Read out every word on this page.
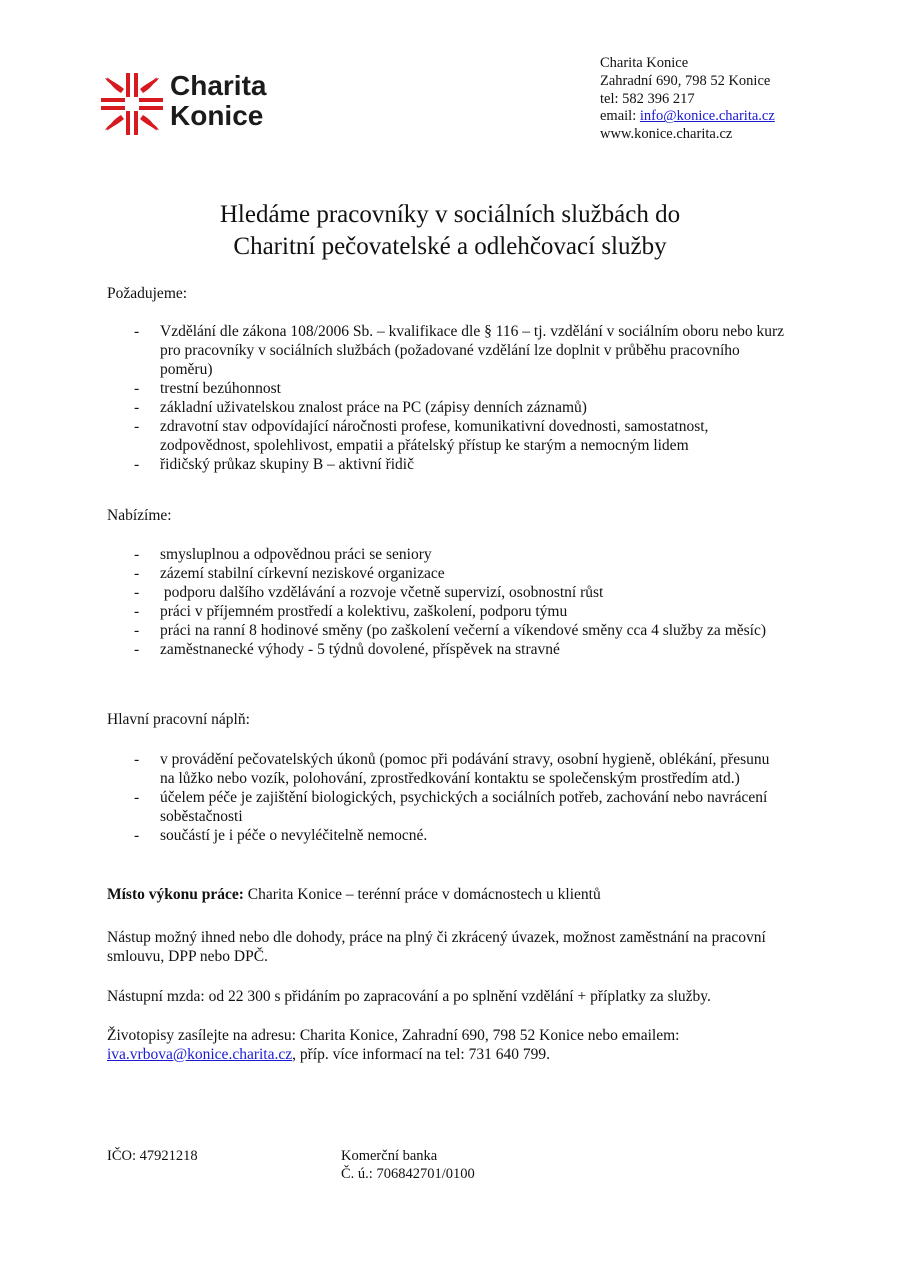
Charita
Konice
Charita Konice
Zahradní 690, 798 52 Konice
tel: 582 396 217
email: info@konice.charita.cz
www.konice.charita.cz
Hledáme pracovníky v sociálních službách do
Charitní pečovatelské a odlehčovací služby
Požadujeme:
- Vzdělání dle zákona 108/2006 Sb. – kvalifikace dle § 116 – tj. vzdělání v sociálním oboru nebo kurz pro pracovníky v sociálních službách (požadované vzdělání lze doplnit v průběhu pracovního poměru)
- trestní bezúhonnost
- základní uživatelskou znalost práce na PC (zápisy denních záznamů)
- zdravotní stav odpovídající náročnosti profese, komunikativní dovednosti, samostatnost, zodpovědnost, spolehlivost, empatii a přátelský přístup ke starým a nemocným lidem
- řidičský průkaz skupiny B – aktivní řidič
Nabízíme:
- smysluplnou a odpovědnou práci se seniory
- zázemí stabilní církevní neziskové organizace
- podporu dalšího vzdělávání a rozvoje včetně supervizí, osobnostní růst
- práci v příjemném prostředí a kolektivu, zaškolení, podporu týmu
- práci na ranní 8 hodinové směny (po zaškolení večerní a víkendové směny cca 4 služby za měsíc)
- zaměstnanecké výhody - 5 týdnů dovolené, příspěvek na stravné
Hlavní pracovní náplň:
- v provádění pečovatelských úkonů (pomoc při podávání stravy, osobní hygieně, oblékání, přesunu na lůžko nebo vozík, polohování, zprostředkování kontaktu se společenským prostředím atd.)
- účelem péče je zajištění biologických, psychických a sociálních potřeb, zachování nebo navrácení soběstačnosti
- součástí je i péče o nevyléčitelně nemocné.
Místo výkonu práce: Charita Konice – terénní práce v domácnostech u klientů
Nástup možný ihned nebo dle dohody, práce na plný či zkrácený úvazek, možnost zaměstnání na pracovní smlouvu, DPP nebo DPČ.
Nástupní mzda: od 22 300 s přidáním po zapracování a po splnění vzdělání + příplatky za služby.
Životopisy zasílejte na adresu: Charita Konice, Zahradní 690, 798 52 Konice nebo emailem:
iva.vrbova@konice.charita.cz, příp. více informací na tel: 731 640 799.
IČO: 47921218	Komerční banka
Č. ú.: 706842701/0100
